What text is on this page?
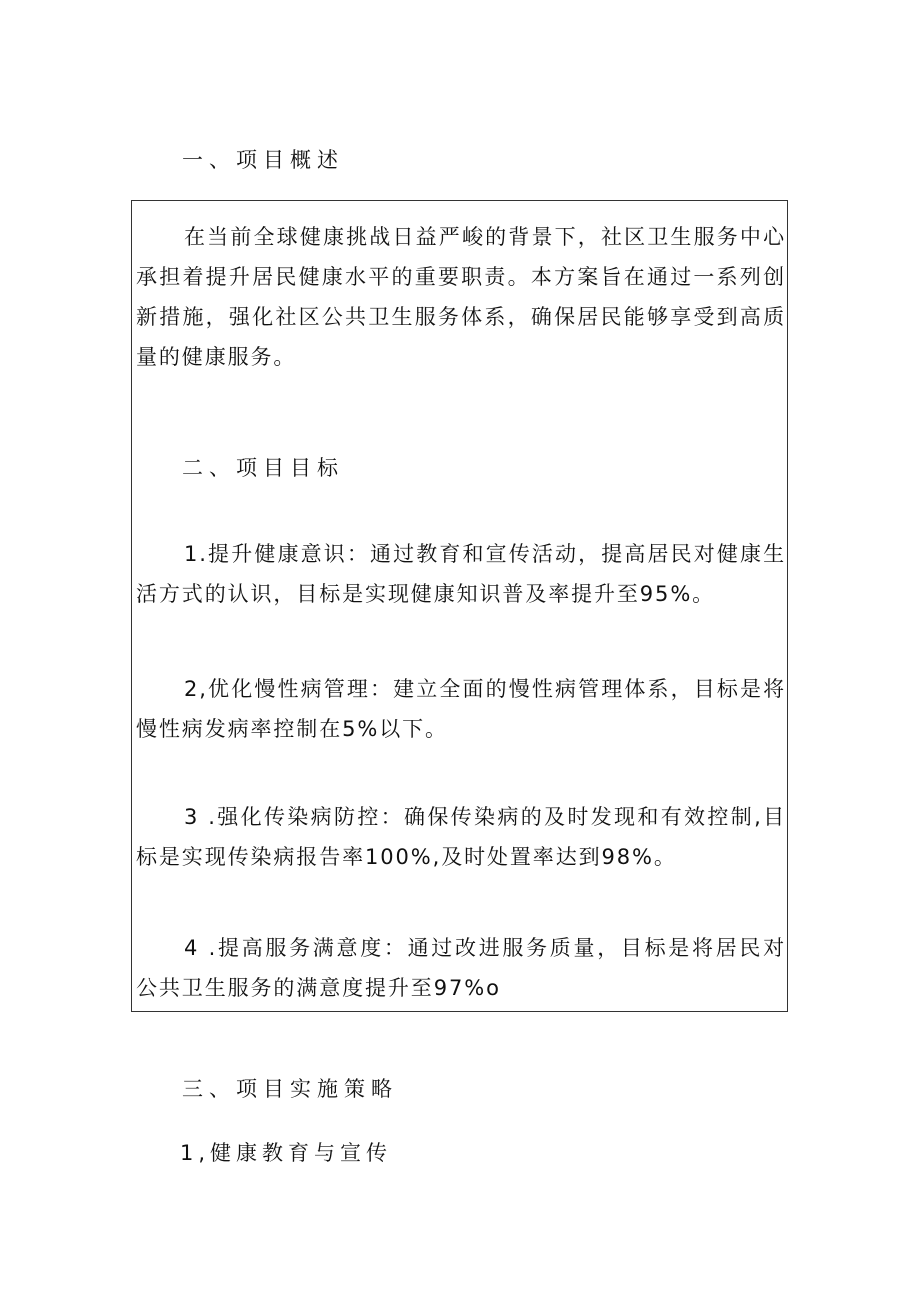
一、项目概述
在当前全球健康挑战日益严峻的背景下，社区卫生服务中心承担着提升居民健康水平的重要职责。本方案旨在通过一系列创新措施，强化社区公共卫生服务体系，确保居民能够享受到高质量的健康服务。
二、项目目标
1.提升健康意识：通过教育和宣传活动，提高居民对健康生活方式的认识，目标是实现健康知识普及率提升至95%。
2,优化慢性病管理：建立全面的慢性病管理体系，目标是将慢性病发病率控制在5%以下。
3 .强化传染病防控：确保传染病的及时发现和有效控制,目标是实现传染病报告率100%,及时处置率达到98%。
4 .提高服务满意度：通过改进服务质量，目标是将居民对公共卫生服务的满意度提升至97%o
三、项目实施策略
1,健康教育与宣传
